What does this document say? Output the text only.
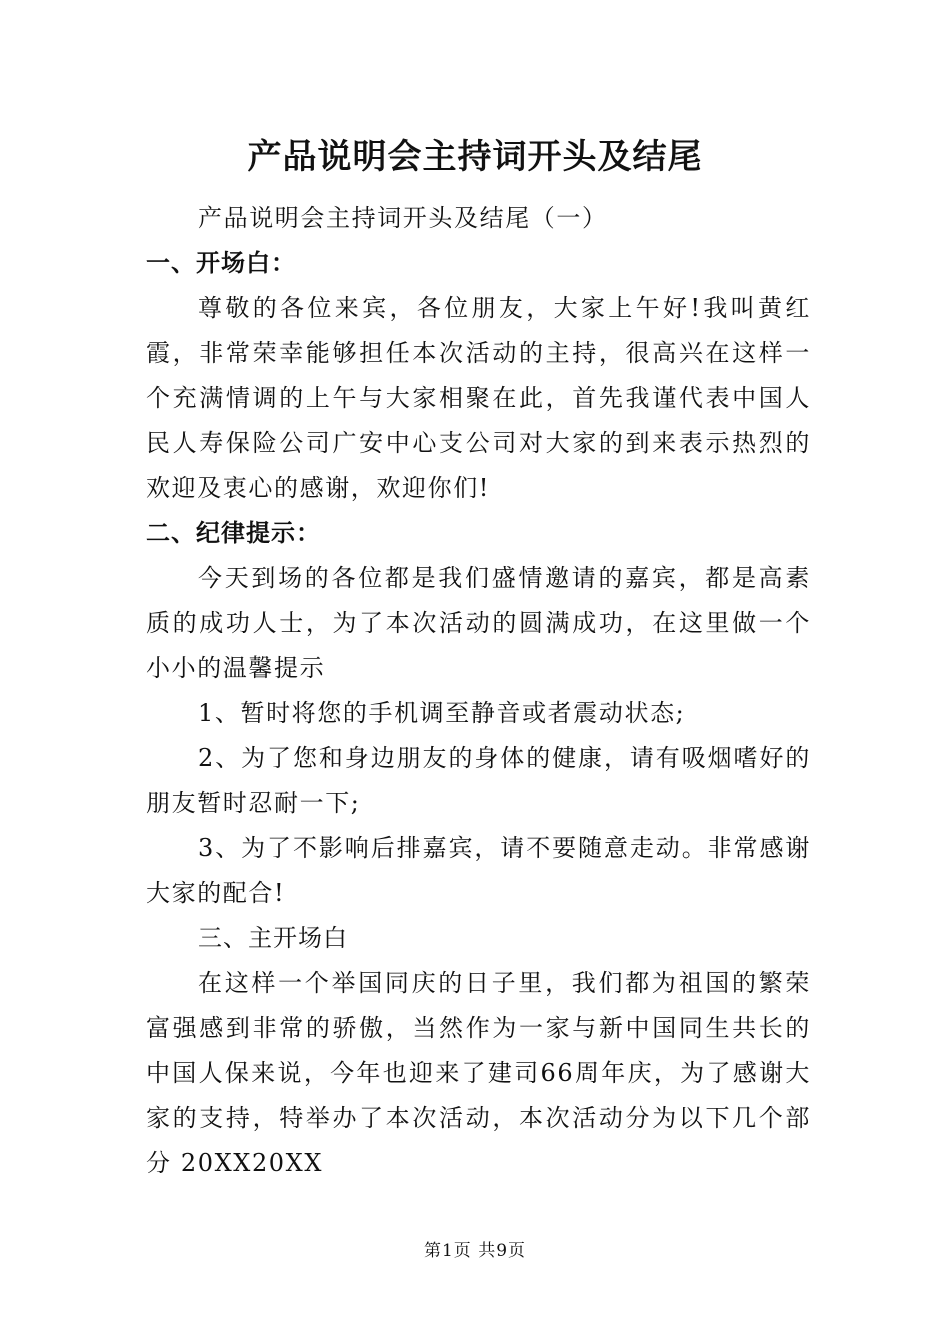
产品说明会主持词开头及结尾

产品说明会主持词开头及结尾（一）

一、开场白：

尊敬的各位来宾，各位朋友，大家上午好!我叫黄红霞，非常荣幸能够担任本次活动的主持，很高兴在这样一个充满情调的上午与大家相聚在此，首先我谨代表中国人民人寿保险公司广安中心支公司对大家的到来表示热烈的欢迎及衷心的感谢，欢迎你们!

二、纪律提示：

今天到场的各位都是我们盛情邀请的嘉宾，都是高素质的成功人士，为了本次活动的圆满成功，在这里做一个小小的温馨提示

1、暂时将您的手机调至静音或者震动状态;

2、为了您和身边朋友的身体的健康，请有吸烟嗜好的朋友暂时忍耐一下;

3、为了不影响后排嘉宾，请不要随意走动。非常感谢大家的配合!

三、主开场白

在这样一个举国同庆的日子里，我们都为祖国的繁荣富强感到非常的骄傲，当然作为一家与新中国同生共长的中国人保来说，今年也迎来了建司66周年庆，为了感谢大家的支持，特举办了本次活动，本次活动分为以下几个部分 20XX20XX

第1页 共9页
